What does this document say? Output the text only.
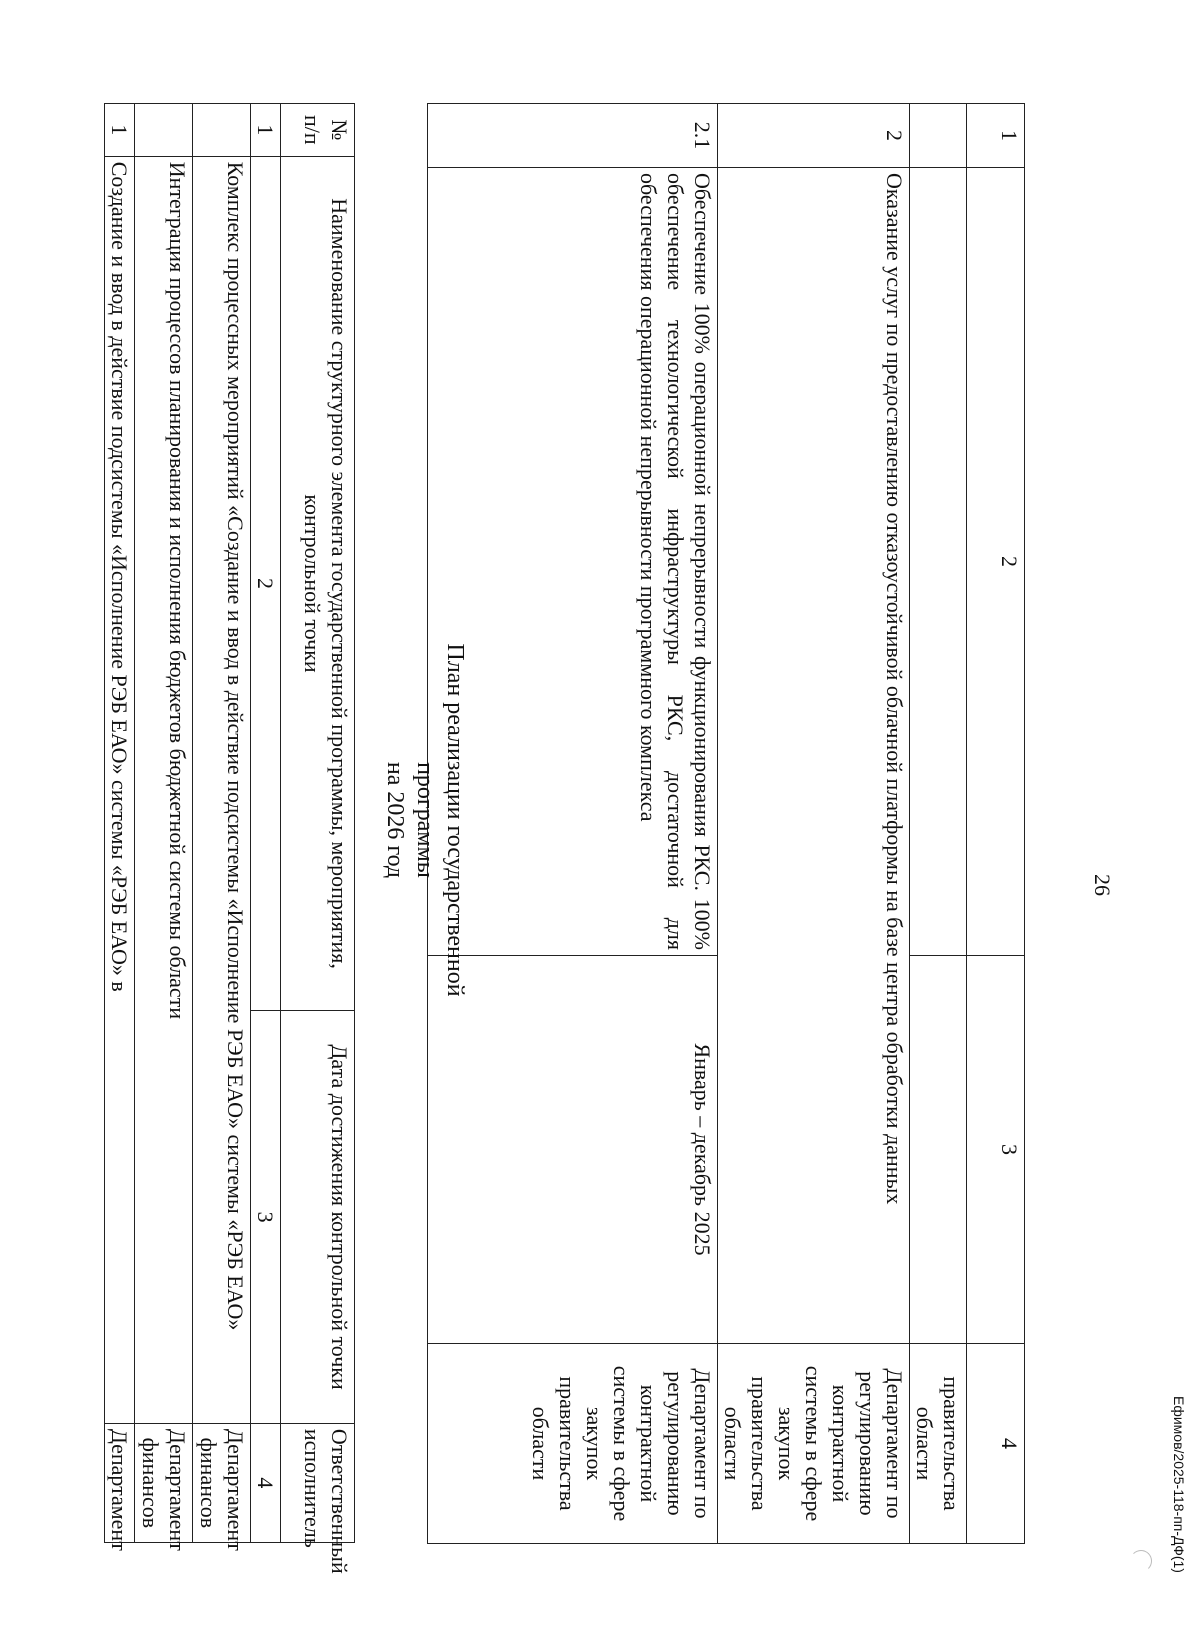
26
1	2	3	4
			правительства области
2	Оказание услуг по предоставлению отказоустойчивой облачной платформы на базе центра обработки данных		Департамент по регулированию контрактной системы в сфере закупок правительства области
2.1	Обеспечение 100% операционной непрерывности функционирования РКС. 100% обеспечение технологической инфраструктуры РКС, достаточной для обеспечения операционной непрерывности программного комплекса	Январь – декабрь 2025	Департамент по регулированию контрактной системы в сфере закупок правительства области
План реализации государственной программы
на 2026 год
№ п/п	Наименование структурного элемента государственной программы, мероприятия, контрольной точки	Дата достижения контрольной точки	Ответственный исполнитель
1	2	3	4
	Комплекс процессных мероприятий «Создание и ввод в действие подсистемы «Исполнение РЭБ ЕАО» системы «РЭБ ЕАО»		Департамент финансов
	Интеграция процессов планирования и исполнения бюджетов бюджетной системы области		Департамент финансов
1	Создание и ввод в действие подсистемы «Исполнение РЭБ ЕАО» системы «РЭБ ЕАО» в		Департамент	Ефимов/2025-118-пп-ДФ(1)
